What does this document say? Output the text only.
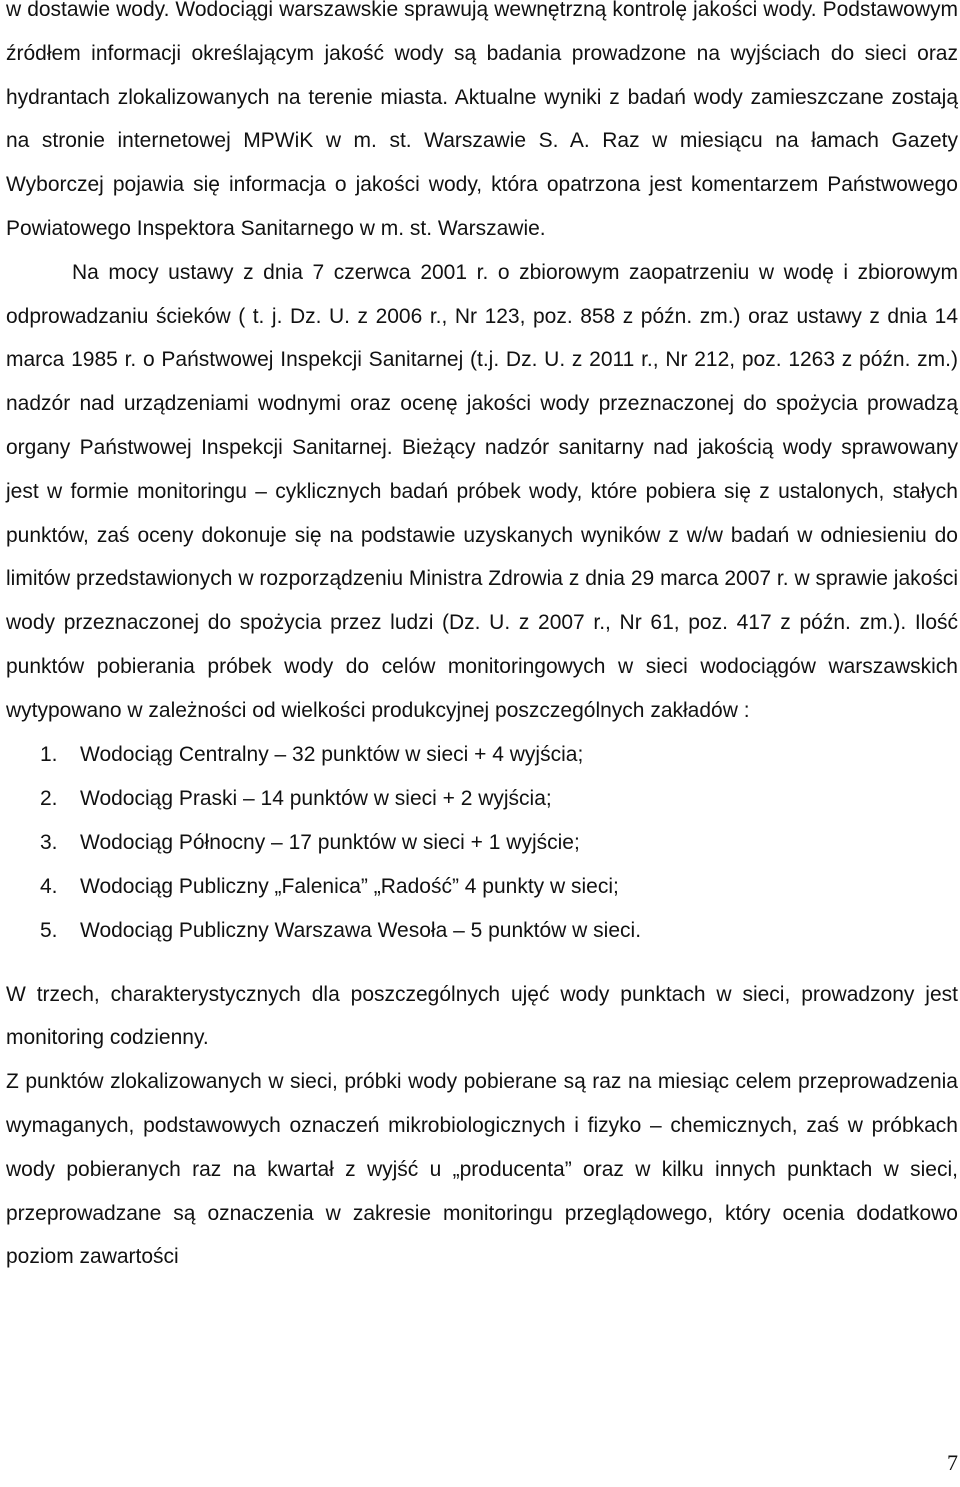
w dostawie wody. Wodociągi warszawskie sprawują wewnętrzną kontrolę jakości wody. Podstawowym źródłem informacji określającym jakość wody są badania prowadzone na wyjściach do sieci oraz hydrantach zlokalizowanych na terenie miasta. Aktualne wyniki z badań wody zamieszczane zostają na stronie internetowej MPWiK w m. st. Warszawie S. A. Raz w miesiącu na łamach Gazety Wyborczej pojawia się informacja o jakości wody, która opatrzona jest komentarzem Państwowego Powiatowego Inspektora Sanitarnego w m. st. Warszawie.

Na mocy ustawy z dnia 7 czerwca 2001 r. o zbiorowym zaopatrzeniu w wodę i zbiorowym odprowadzaniu ścieków ( t. j. Dz. U. z 2006 r., Nr 123, poz. 858 z późn. zm.) oraz ustawy z dnia 14 marca 1985 r. o Państwowej Inspekcji Sanitarnej (t.j. Dz. U. z 2011 r., Nr 212, poz. 1263 z późn. zm.) nadzór nad urządzeniami wodnymi oraz ocenę jakości wody przeznaczonej do spożycia prowadzą organy Państwowej Inspekcji Sanitarnej. Bieżący nadzór sanitarny nad jakością wody sprawowany jest w formie monitoringu – cyklicznych badań próbek wody, które pobiera się z ustalonych, stałych punktów, zaś oceny dokonuje się na podstawie uzyskanych wyników z w/w badań w odniesieniu do limitów przedstawionych w rozporządzeniu Ministra Zdrowia z dnia 29 marca 2007 r. w sprawie jakości wody przeznaczonej do spożycia przez ludzi (Dz. U. z 2007 r., Nr 61, poz. 417 z późn. zm.). Ilość punktów pobierania próbek wody do celów monitoringowych w sieci wodociągów warszawskich wytypowano w zależności od wielkości produkcyjnej poszczególnych zakładów :

1. Wodociąg Centralny – 32 punktów w sieci + 4 wyjścia;
2. Wodociąg Praski – 14 punktów w sieci + 2 wyjścia;
3. Wodociąg Północny – 17 punktów w sieci + 1 wyjście;
4. Wodociąg Publiczny „Falenica” „Radość” 4 punkty w sieci;
5. Wodociąg Publiczny Warszawa Wesoła – 5 punktów w sieci.

W trzech, charakterystycznych dla poszczególnych ujęć wody punktach w sieci, prowadzony jest monitoring codzienny.

Z punktów zlokalizowanych w sieci, próbki wody pobierane są raz na miesiąc celem przeprowadzenia wymaganych, podstawowych oznaczeń mikrobiologicznych i fizyko – chemicznych, zaś w próbkach wody pobieranych raz na kwartał z wyjść u „producenta” oraz w kilku innych punktach w sieci, przeprowadzane są oznaczenia w zakresie monitoringu przeglądowego, który ocenia dodatkowo poziom zawartości

7
